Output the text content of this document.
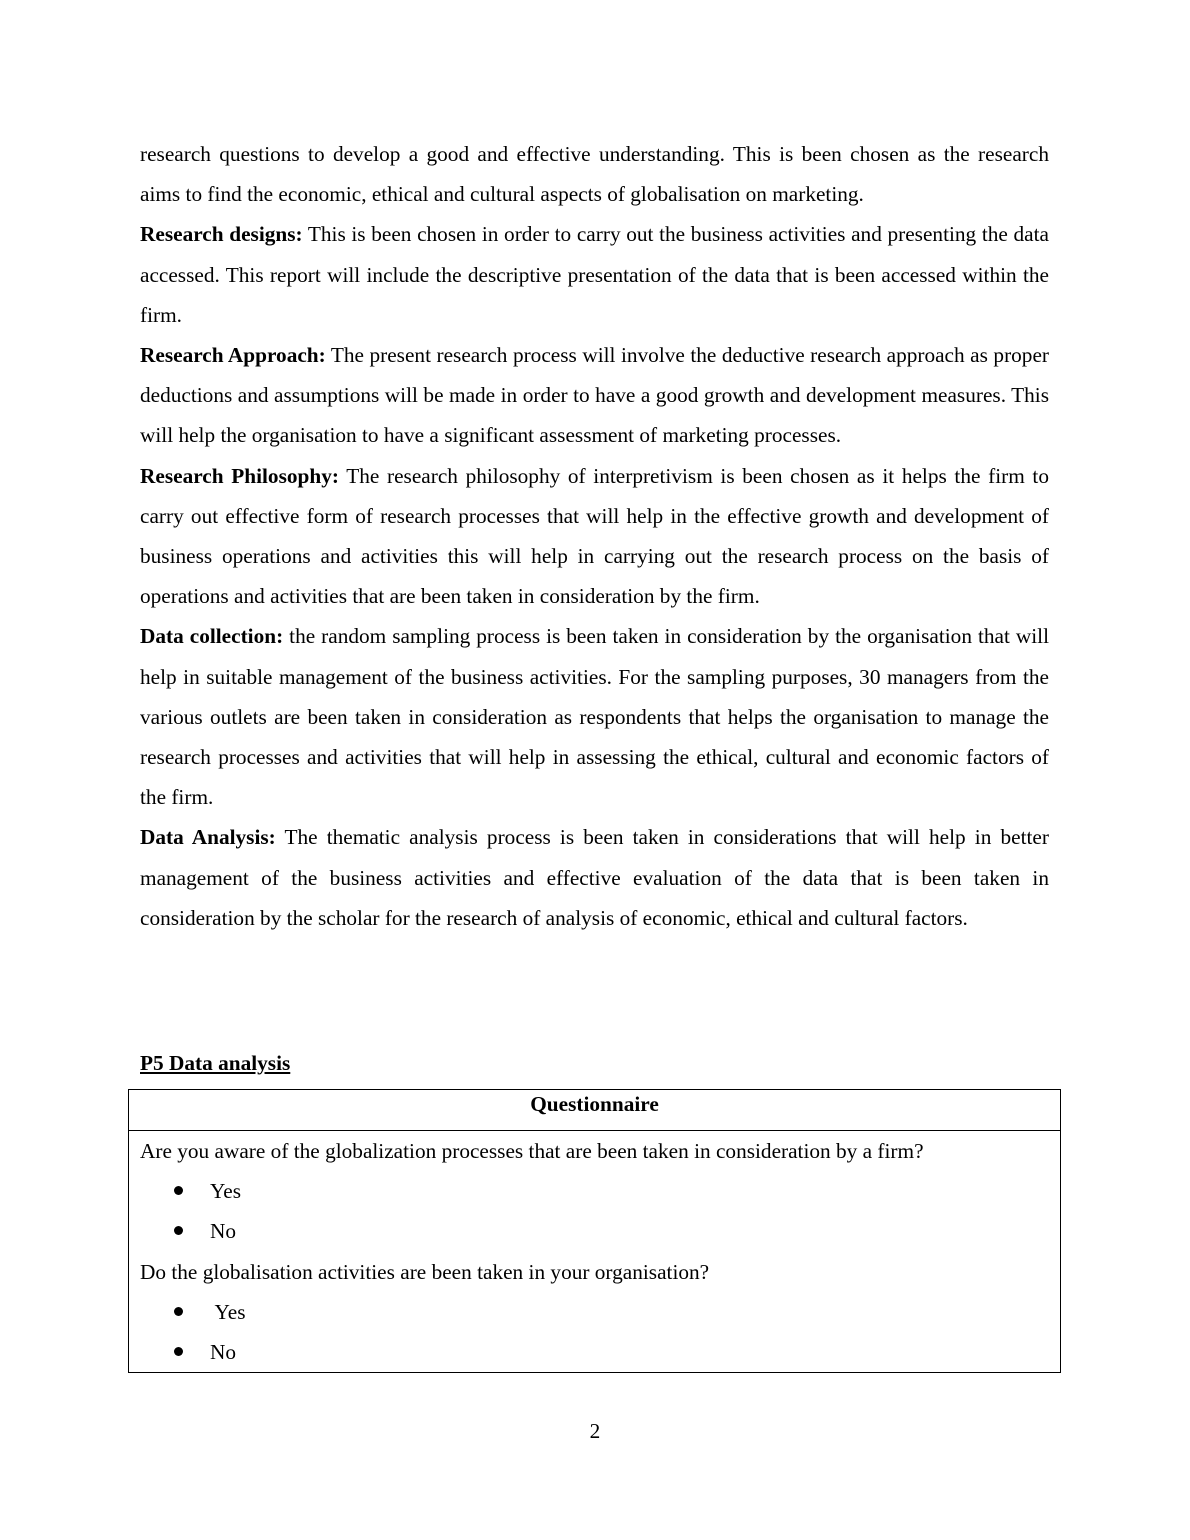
research questions to develop a good and effective understanding. This is been chosen as the research aims to find the economic, ethical and cultural aspects of globalisation on marketing.

Research designs: This is been chosen in order to carry out the business activities and presenting the data accessed. This report will include the descriptive presentation of the data that is been accessed within the firm.

Research Approach: The present research process will involve the deductive research approach as proper deductions and assumptions will be made in order to have a good growth and development measures. This will help the organisation to have a significant assessment of marketing processes.

Research Philosophy: The research philosophy of interpretivism is been chosen as it helps the firm to carry out effective form of research processes that will help in the effective growth and development of business operations and activities this will help in carrying out the research process on the basis of operations and activities that are been taken in consideration by the firm.

Data collection: the random sampling process is been taken in consideration by the organisation that will help in suitable management of the business activities. For the sampling purposes, 30 managers from the various outlets are been taken in consideration as respondents that helps the organisation to manage the research processes and activities that will help in assessing the ethical, cultural and economic factors of the firm.

Data Analysis: The thematic analysis process is been taken in considerations that will help in better management of the business activities and effective evaluation of the data that is been taken in consideration by the scholar for the research of analysis of economic, ethical and cultural factors.

P5 Data analysis
Questionnaire
Are you aware of the globalization processes that are been taken in consideration by a firm?
Yes
No
Do the globalisation activities are been taken in your organisation?
Yes
No
2
